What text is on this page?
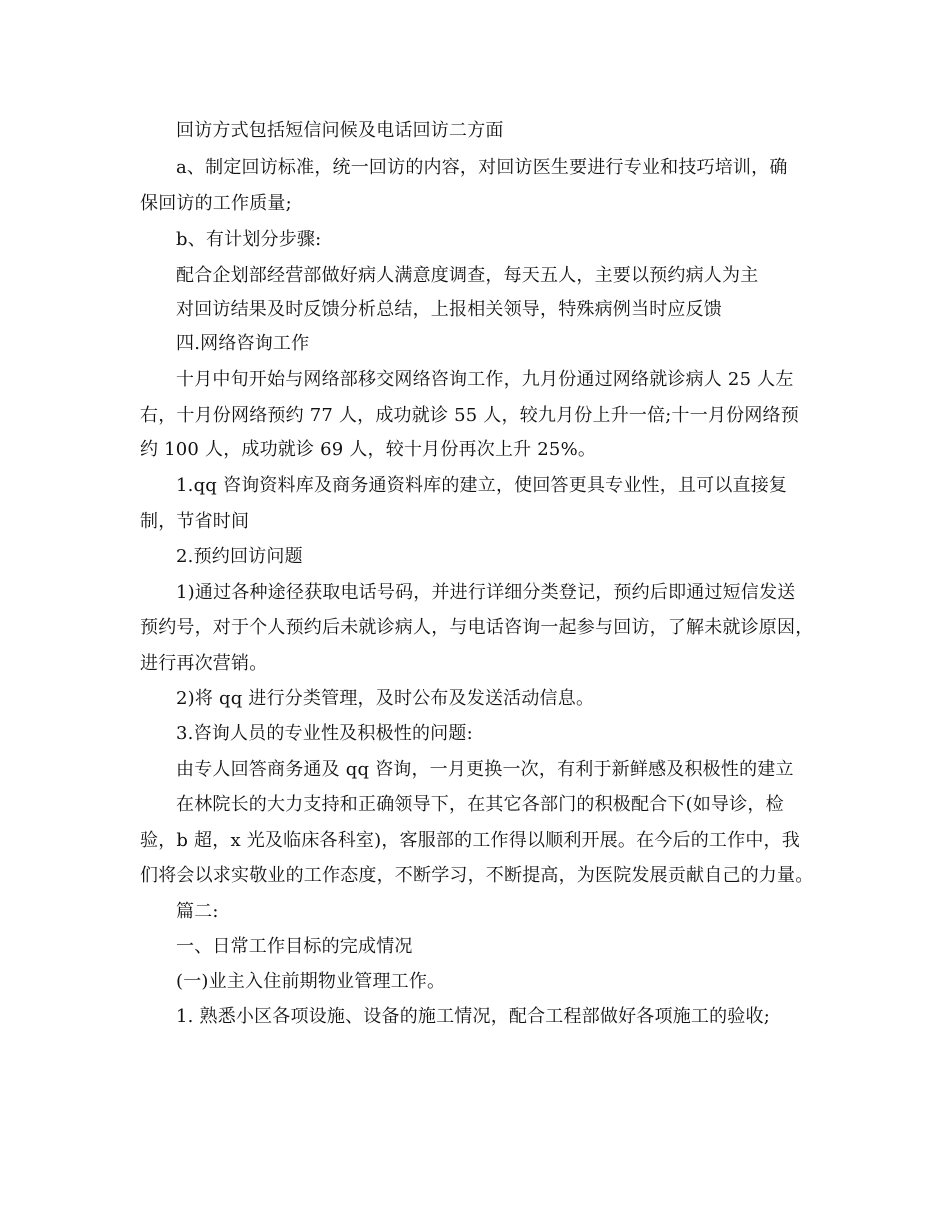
回访方式包括短信问候及电话回访二方面
a、制定回访标准，统一回访的内容，对回访医生要进行专业和技巧培训，确
保回访的工作质量;
b、有计划分步骤:
配合企划部经营部做好病人满意度调查，每天五人，主要以预约病人为主
对回访结果及时反馈分析总结，上报相关领导，特殊病例当时应反馈
四.网络咨询工作
十月中旬开始与网络部移交网络咨询工作，九月份通过网络就诊病人 25 人左
右，十月份网络预约 77 人，成功就诊 55 人，较九月份上升一倍;十一月份网络预
约 100 人，成功就诊 69 人，较十月份再次上升 25%。
1.qq 咨询资料库及商务通资料库的建立，使回答更具专业性，且可以直接复
制，节省时间
2.预约回访问题
1)通过各种途径获取电话号码，并进行详细分类登记，预约后即通过短信发送
预约号，对于个人预约后未就诊病人，与电话咨询一起参与回访，了解未就诊原因，
进行再次营销。
2)将 qq 进行分类管理，及时公布及发送活动信息。
3.咨询人员的专业性及积极性的问题:
由专人回答商务通及 qq 咨询，一月更换一次，有利于新鲜感及积极性的建立
在林院长的大力支持和正确领导下，在其它各部门的积极配合下(如导诊，检
验，b 超，x 光及临床各科室)，客服部的工作得以顺利开展。在今后的工作中，我
们将会以求实敬业的工作态度，不断学习，不断提高，为医院发展贡献自己的力量。
篇二:
一、日常工作目标的完成情况
(一)业主入住前期物业管理工作。
1. 熟悉小区各项设施、设备的施工情况，配合工程部做好各项施工的验收;
